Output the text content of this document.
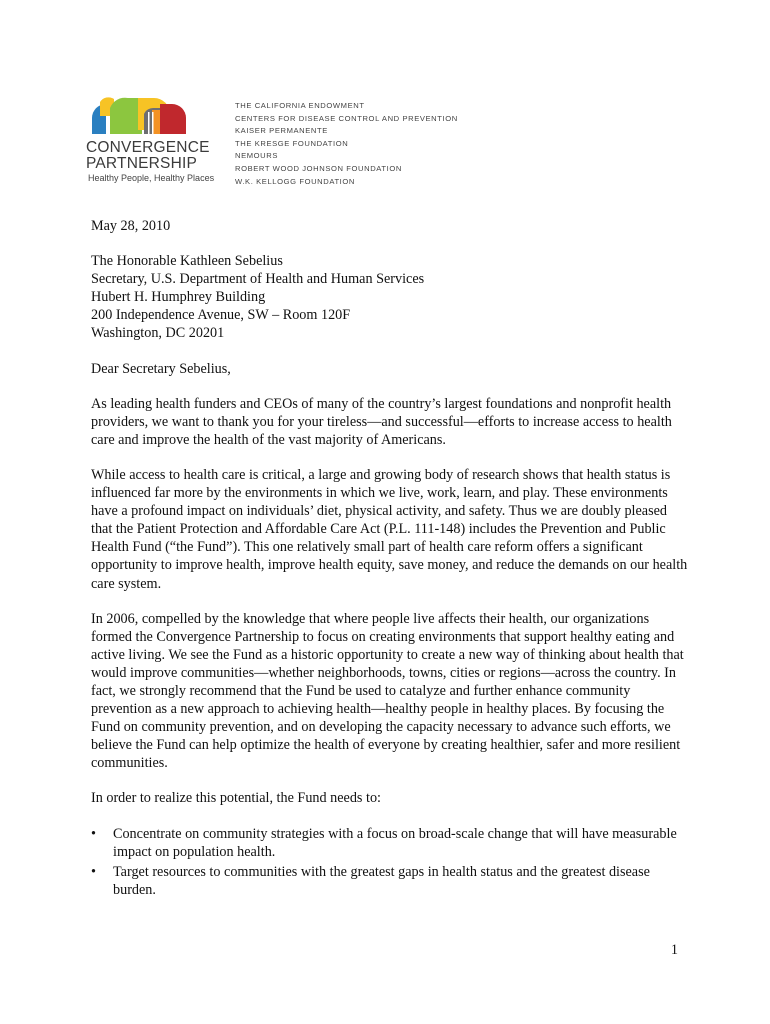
CONVERGENCE
PARTNERSHIP
Healthy People, Healthy Places
THE CALIFORNIA ENDOWMENT
CENTERS FOR DISEASE CONTROL AND PREVENTION
KAISER PERMANENTE
THE KRESGE FOUNDATION
NEMOURS
ROBERT WOOD JOHNSON FOUNDATION
W.K. KELLOGG FOUNDATION

May 28, 2010

The Honorable Kathleen Sebelius
Secretary, U.S. Department of Health and Human Services
Hubert H. Humphrey Building
200 Independence Avenue, SW – Room 120F
Washington, DC 20201

Dear Secretary Sebelius,

As leading health funders and CEOs of many of the country’s largest foundations and nonprofit health providers, we want to thank you for your tireless—and successful—efforts to increase access to health care and improve the health of the vast majority of Americans.

While access to health care is critical, a large and growing body of research shows that health status is influenced far more by the environments in which we live, work, learn, and play. These environments have a profound impact on individuals’ diet, physical activity, and safety. Thus we are doubly pleased that the Patient Protection and Affordable Care Act (P.L. 111-148) includes the Prevention and Public Health Fund (“the Fund”). This one relatively small part of health care reform offers a significant opportunity to improve health, improve health equity, save money, and reduce the demands on our health care system.

In 2006, compelled by the knowledge that where people live affects their health, our organizations formed the Convergence Partnership to focus on creating environments that support healthy eating and active living. We see the Fund as a historic opportunity to create a new way of thinking about health that would improve communities—whether neighborhoods, towns, cities or regions—across the country. In fact, we strongly recommend that the Fund be used to catalyze and further enhance community prevention as a new approach to achieving health—healthy people in healthy places. By focusing the Fund on community prevention, and on developing the capacity necessary to advance such efforts, we believe the Fund can help optimize the health of everyone by creating healthier, safer and more resilient communities.

In order to realize this potential, the Fund needs to:

• Concentrate on community strategies with a focus on broad-scale change that will have measurable impact on population health.
• Target resources to communities with the greatest gaps in health status and the greatest disease burden.
1
